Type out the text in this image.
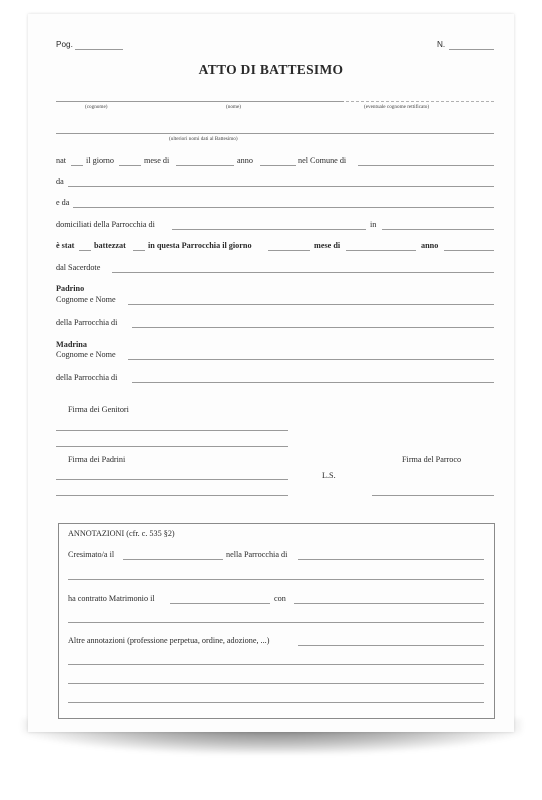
Pog.	N.
ATTO DI BATTESIMO
(cognome)	(nome)	(eventuale cognome rettificato)
(ulteriori nomi dati al Battesimo)
nat il giorno	mese di	anno	nel Comune di
da
e da
domiciliati della Parrocchia di	in
è stat battezzat	in questa Parrocchia il giorno	mese di	anno
dal Sacerdote
Padrino
Cognome e Nome
della Parrocchia di
Madrina
Cognome e Nome
della Parrocchia di
Firma dei Genitori
Firma dei Padrini
L.S.
Firma del Parroco
ANNOTAZIONI (cfr. c. 535 §2)
Cresimato/a il	nella Parrocchia di
ha contratto Matrimonio il	con
Altre annotazioni (professione perpetua, ordine, adozione, ...)
